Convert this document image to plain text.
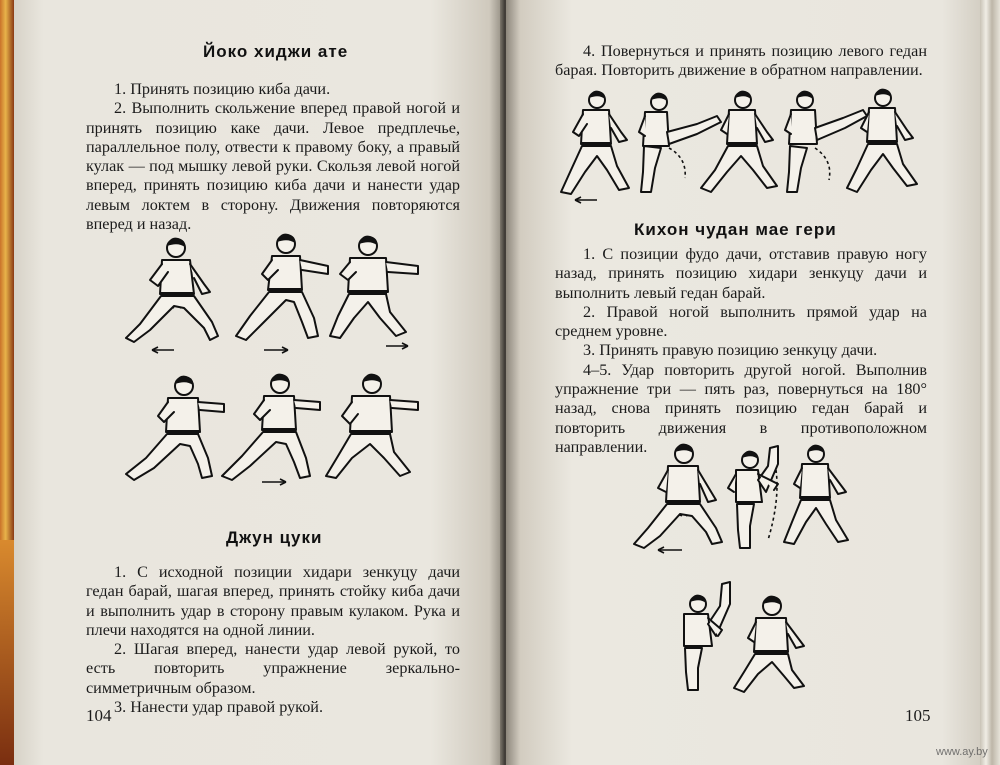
Йоко хиджи ате

1. Принять позицию киба дачи.

2. Выполнить скольжение вперед правой ногой и принять позицию каке дачи. Левое предплечье, параллельное полу, отвести к правому боку, а правый кулак — под мышку левой руки. Скользя левой ногой вперед, принять позицию киба дачи и нанести удар левым локтем в сторону. Движения повторяются вперед и назад.

Джун цуки

1. С исходной позиции хидари зенкуцу дачи гедан барай, шагая вперед, принять стойку киба дачи и выполнить удар в сторону правым кулаком. Рука и плечи находятся на одной линии.

2. Шагая вперед, нанести удар левой рукой, то есть повторить упражнение зеркально-симметричным образом.

3. Нанести удар правой рукой.

104

4. Повернуться и принять позицию левого гедан барая. Повторить движение в обратном направлении.

Кихон чудан мае гери

1. С позиции фудо дачи, отставив правую ногу назад, принять позицию хидари зенкуцу дачи и выполнить левый гедан барай.

2. Правой ногой выполнить прямой удар на среднем уровне.

3. Принять правую позицию зенкуцу дачи.

4–5. Удар повторить другой ногой. Выполнив упражнение три — пять раз, повернуться на 180° назад, снова принять позицию гедан барай и повторить движения в противоположном направлении.

105
www.ay.by
